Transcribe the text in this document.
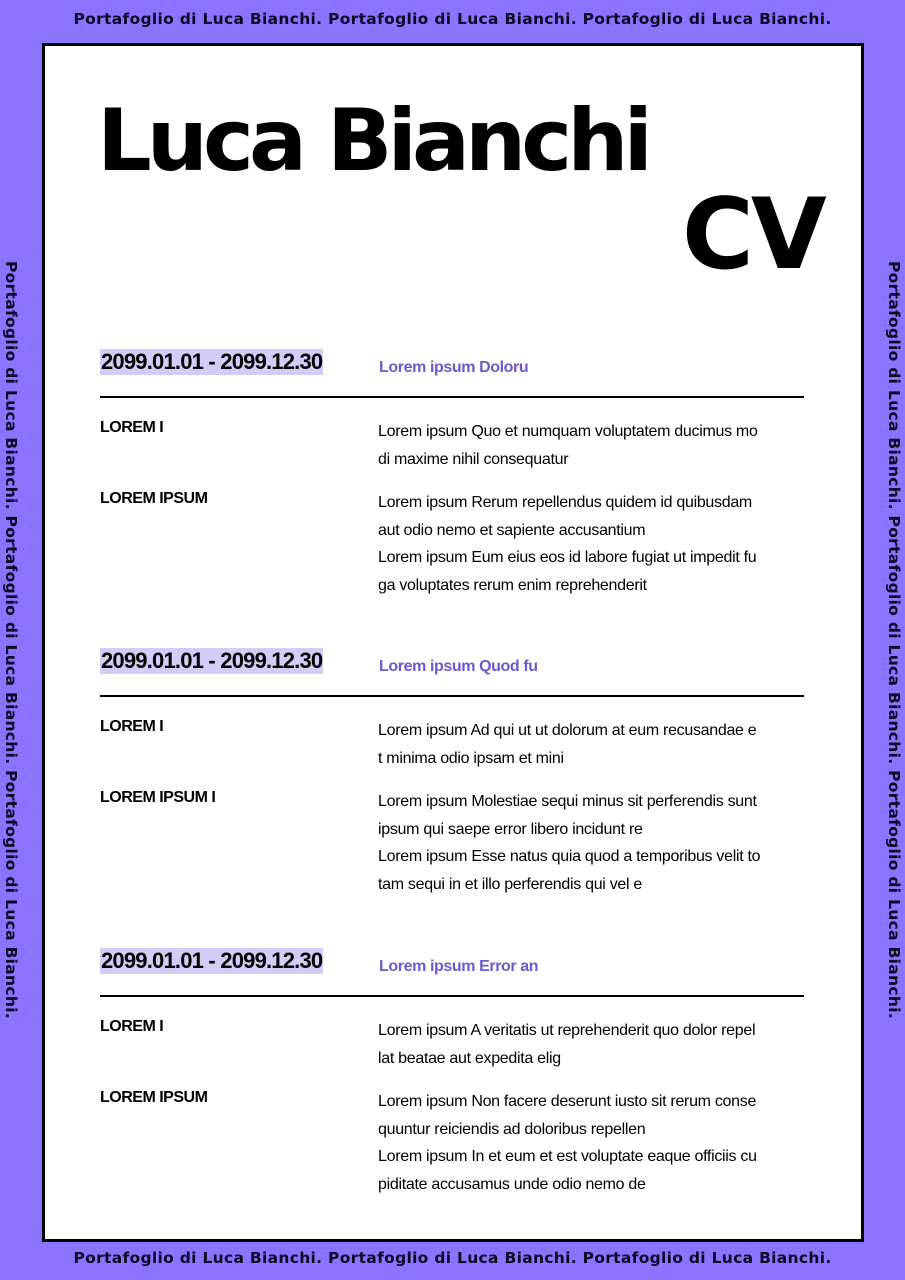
Portafoglio di Luca Bianchi. Portafoglio di Luca Bianchi. Portafoglio di Luca Bianchi.
Portafoglio di Luca Bianchi. Portafoglio di Luca Bianchi. Portafoglio di Luca Bianchi.
Portafoglio di Luca Bianchi. Portafoglio di Luca Bianchi. Portafoglio di Luca Bianchi.	Portafoglio di Luca Bianchi. Portafoglio di Luca Bianchi. Portafoglio di Luca Bianchi.
Luca Bianchi
CV
2099.01.01 - 2099.12.30	Lorem ipsum Doloru
LOREM I	Lorem ipsum Quo et numquam voluptatem ducimus mo
di maxime nihil consequatur
LOREM IPSUM	Lorem ipsum Rerum repellendus quidem id quibusdam
aut odio nemo et sapiente accusantium
Lorem ipsum Eum eius eos id labore fugiat ut impedit fu
ga voluptates rerum enim reprehenderit
2099.01.01 - 2099.12.30	Lorem ipsum Quod fu
LOREM I	Lorem ipsum Ad qui ut ut dolorum at eum recusandae e
t minima odio ipsam et mini
LOREM IPSUM I	Lorem ipsum Molestiae sequi minus sit perferendis sunt
ipsum qui saepe error libero incidunt re
Lorem ipsum Esse natus quia quod a temporibus velit to
tam sequi in et illo perferendis qui vel e
2099.01.01 - 2099.12.30	Lorem ipsum Error an
LOREM I	Lorem ipsum A veritatis ut reprehenderit quo dolor repel
lat beatae aut expedita elig
LOREM IPSUM	Lorem ipsum Non facere deserunt iusto sit rerum conse
quuntur reiciendis ad doloribus repellen
Lorem ipsum In et eum et est voluptate eaque officiis cu
piditate accusamus unde odio nemo de
